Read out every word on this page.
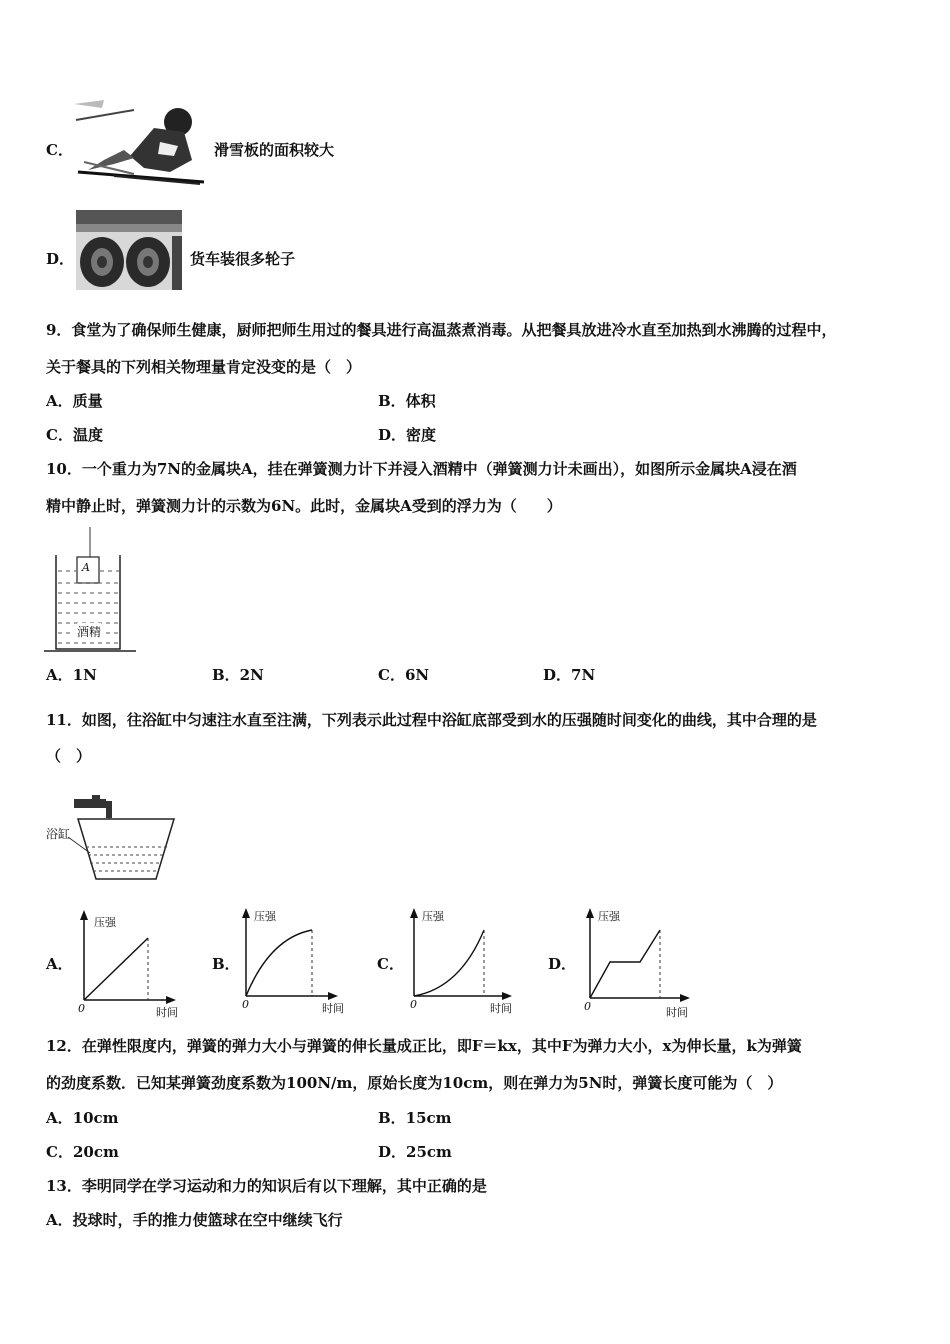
C．	滑雪板的面积较大
D．	货车装很多轮子
9．食堂为了确保师生健康，厨师把师生用过的餐具进行高温蒸煮消毒。从把餐具放进冷水直至加热到水沸腾的过程中，
关于餐具的下列相关物理量肯定没变的是（　）
A．质量	B．体积
C．温度	D．密度
10．一个重力为7N的金属块A，挂在弹簧测力计下并浸入酒精中（弹簧测力计未画出），如图所示金属块A浸在酒
精中静止时，弹簧测力计的示数为6N。此时，金属块A受到的浮力为（　　）
A
酒精
A．1N	B．2N	C．6N	D．7N
11．如图，往浴缸中匀速注水直至注满，下列表示此过程中浴缸底部受到水的压强随时间变化的曲线，其中合理的是
（　）
浴缸
A．
压强
时间
0
B．
压强
时间
0
C．
压强
时间
0
D．
压强
时间
0
12．在弹性限度内，弹簧的弹力大小与弹簧的伸长量成正比，即F＝kx，其中F为弹力大小，x为伸长量，k为弹簧
的劲度系数．已知某弹簧劲度系数为100N/m，原始长度为10cm，则在弹力为5N时，弹簧长度可能为（　）
A．10cm	B．15cm
C．20cm	D．25cm
13．李明同学在学习运动和力的知识后有以下理解，其中正确的是
A．投球时，手的推力使篮球在空中继续飞行
